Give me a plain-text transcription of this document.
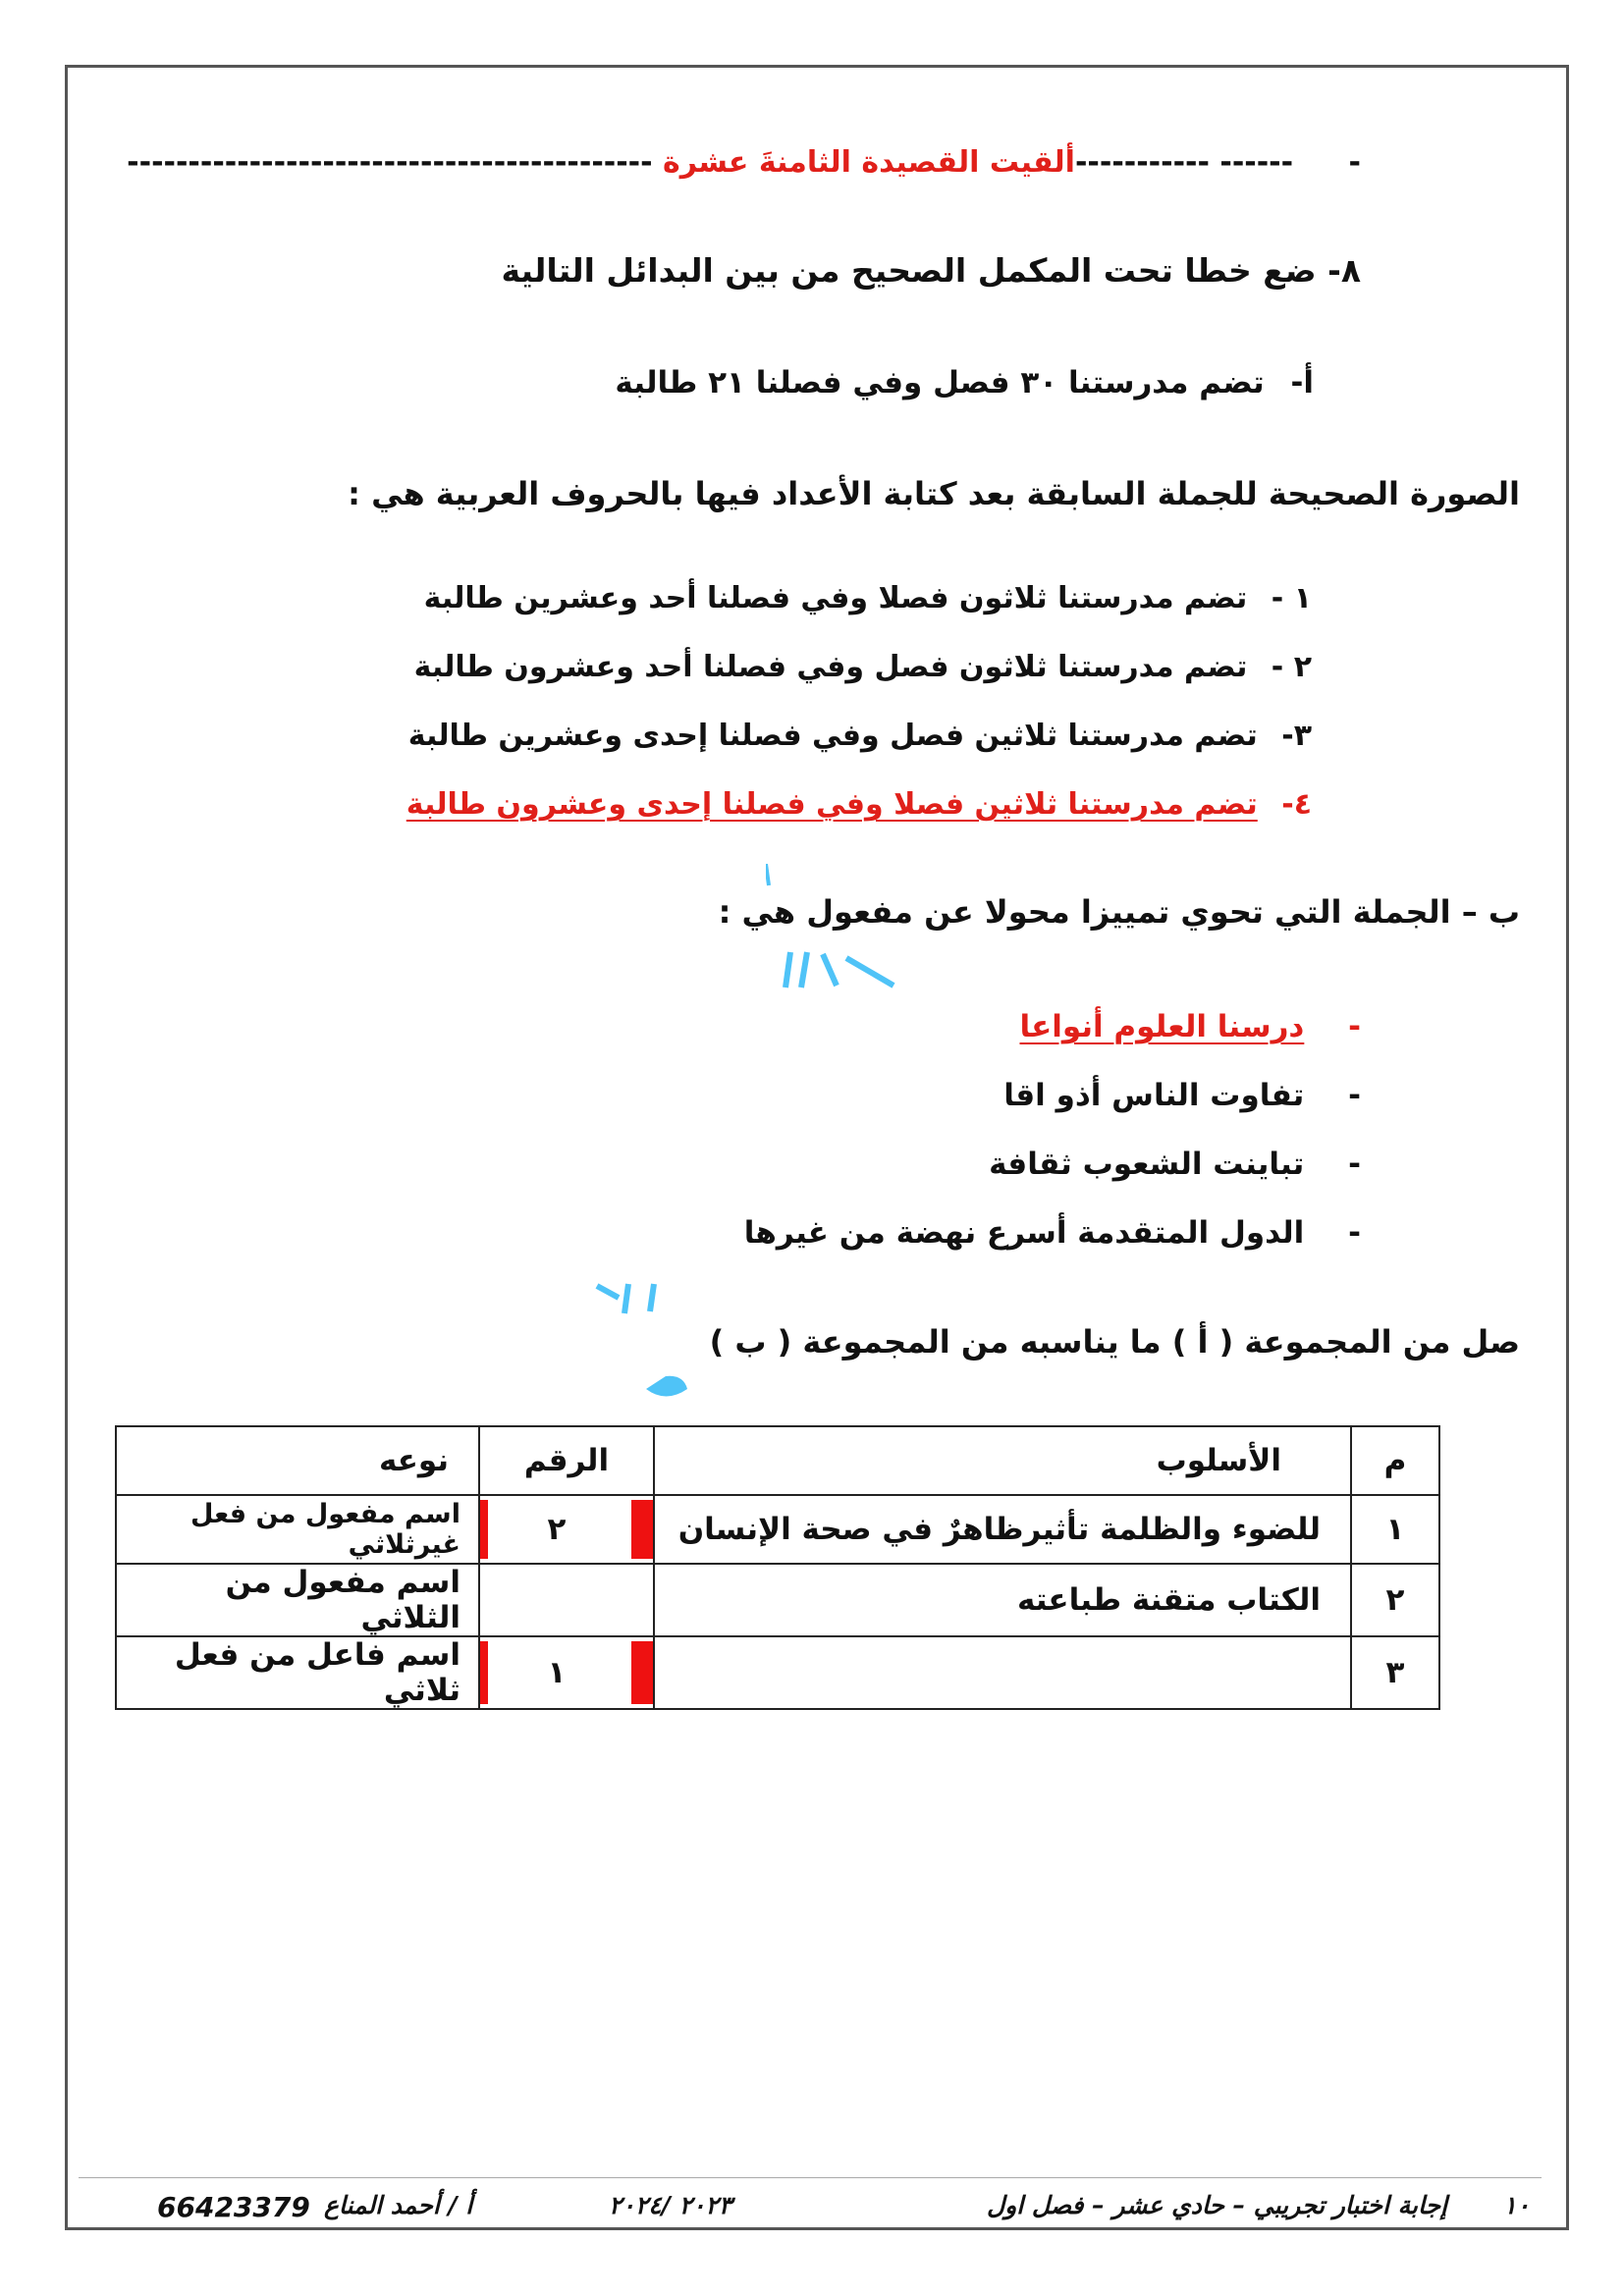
- ------ -----------ألقيت القصيدة الثامنةَ عشرة -------------------------------------------
٨- ضع خطا تحت المكمل الصحيح من بين البدائل التالية
أ- تضم مدرستنا ٣٠ فصل وفي فصلنا ٢١ طالبة
الصورة الصحيحة للجملة السابقة بعد كتابة الأعداد فيها بالحروف العربية هي :
١ - تضم مدرستنا ثلاثون فصلا وفي فصلنا أحد وعشرين طالبة
٢ - تضم مدرستنا ثلاثون فصل وفي فصلنا أحد وعشرون طالبة
٣- تضم مدرستنا ثلاثين فصل وفي فصلنا إحدى وعشرين طالبة
٤- تضم مدرستنا ثلاثين فصلا وفي فصلنا إحدى وعشرون طالبة
ب – الجملة التي تحوي تمييزا محولا عن مفعول هي :
- درسنا العلوم أنواعا
- تفاوت الناس أذو اقا
- تباينت الشعوب ثقافة
- الدول المتقدمة أسرع نهضة من غيرها
صل من المجموعة ( أ ) ما يناسبه من المجموعة ( ب )
م	الأسلوب	الرقم	نوعه
١	للضوء والظلمة تأثيرظاهرٌ في صحة الإنسان	٢	اسم مفعول من فعل غيرثلاثي
٢	الكتاب متقنة طباعته		اسم مفعول من الثلاثي
٣		١	اسم فاعل من فعل ثلاثي
١٠
إجابة اختبار تجريبي – حادي عشر – فصل اول
٢٠٢٣ /٢٠٢٤
أ / أحمد المناع
66423379
